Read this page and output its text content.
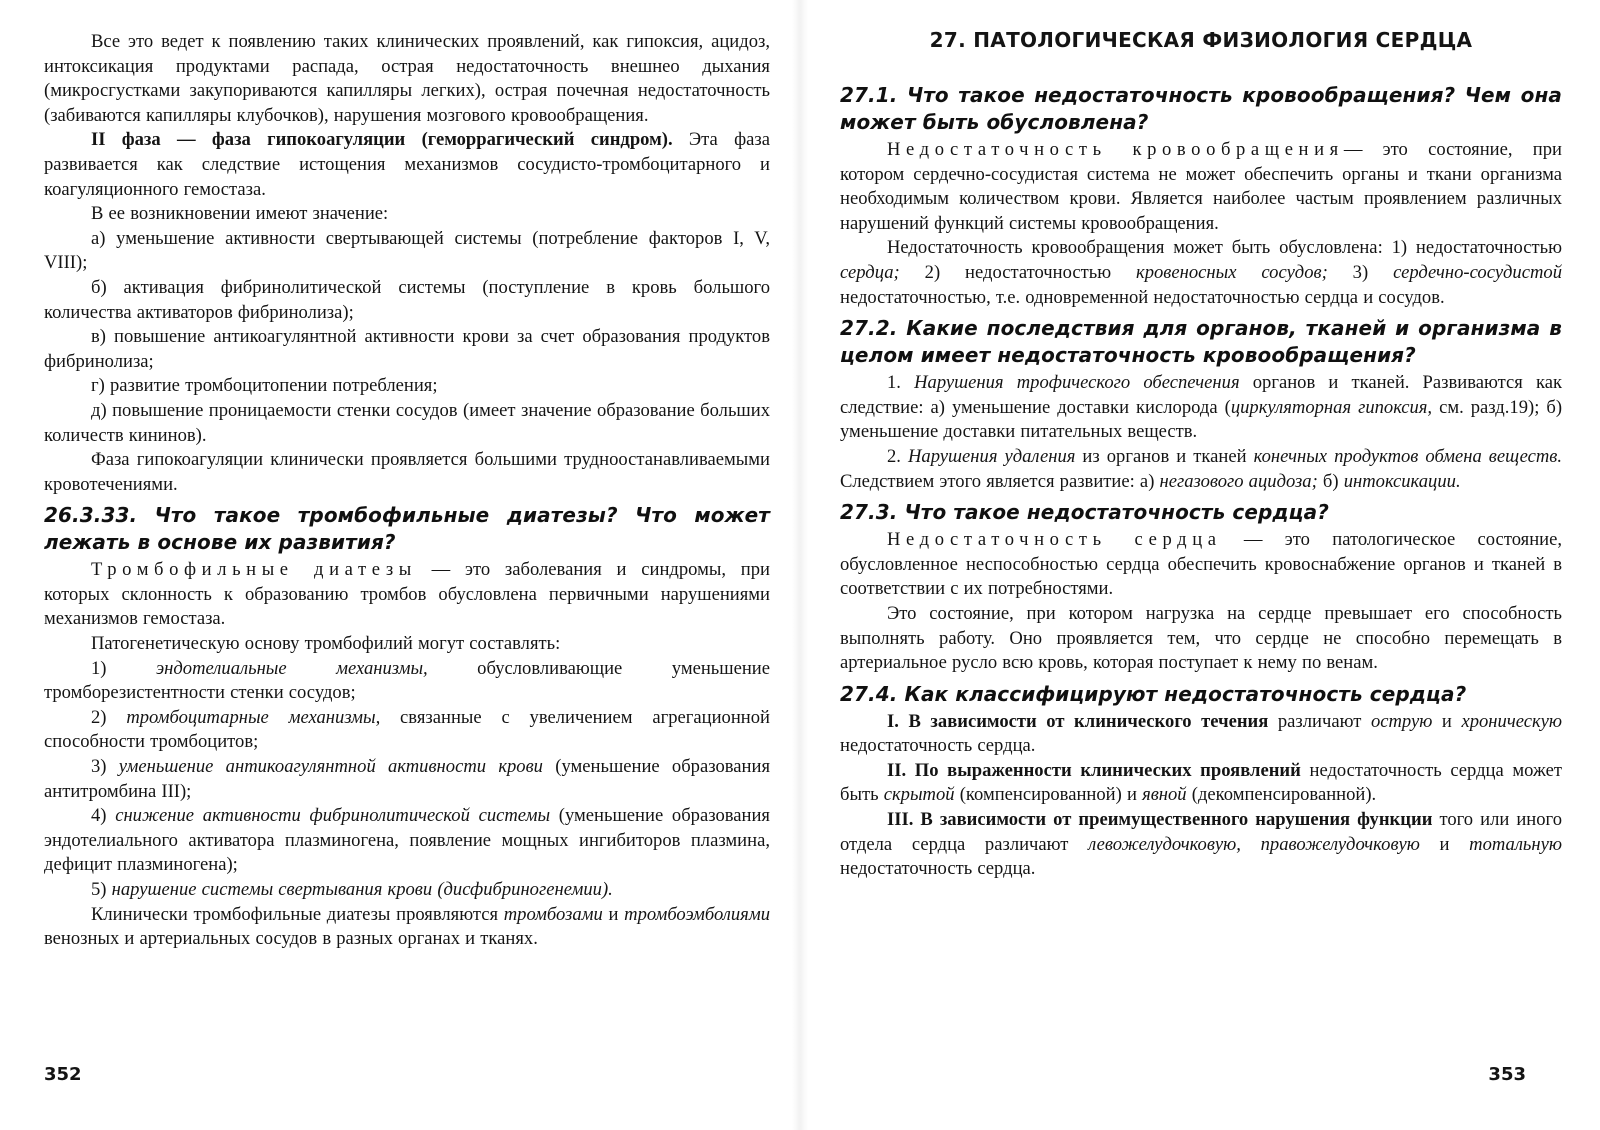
Все это ведет к появлению таких клинических проявлений, как гипоксия, ацидоз, интоксикация продуктами распада, острая недостаточность внешнео дыхания (микросгустками закупориваются капилляры легких), острая почечная недостаточность (забиваются капилляры клубочков), нарушения мозгового кровообращения.

II фаза — фаза гипокоагуляции (геморрагический синдром). Эта фаза развивается как следствие истощения механизмов сосудисто-тромбоцитарного и коагуляционного гемостаза.

В ее возникновении имеют значение:

а) уменьшение активности свертывающей системы (потребление факторов I, V, VIII);

б) активация фибринолитической системы (поступление в кровь большого количества активаторов фибринолиза);

в) повышение антикоагулянтной активности крови за счет образования продуктов фибринолиза;

г) развитие тромбоцитопении потребления;

д) повышение проницаемости стенки сосудов (имеет значение образование больших количеств кининов).

Фаза гипокоагуляции клинически проявляется большими трудноостанавливаемыми кровотечениями.

26.3.33. Что такое тромбофильные диатезы? Что может лежать в основе их развития?

Тромбофильные диатезы — это заболевания и синдромы, при которых склонность к образованию тромбов обусловлена первичными нарушениями механизмов гемостаза.

Патогенетическую основу тромбофилий могут составлять:

1) эндотелиальные механизмы, обусловливающие уменьшение тромборезистентности стенки сосудов;

2) тромбоцитарные механизмы, связанные с увеличением агрегационной способности тромбоцитов;

3) уменьшение антикоагулянтной активности крови (уменьшение образования антитромбина III);

4) снижение активности фибринолитической системы (уменьшение образования эндотелиального активатора плазминогена, появление мощных ингибиторов плазмина, дефицит плазминогена);

5) нарушение системы свертывания крови (дисфибриногенемии).

Клинически тромбофильные диатезы проявляются тромбозами и тромбоэмболиями венозных и артериальных сосудов в разных органах и тканях.

352
27. ПАТОЛОГИЧЕСКАЯ ФИЗИОЛОГИЯ СЕРДЦА
27.1. Что такое недостаточность кровообращения? Чем она может быть обусловлена?

Недостаточность кровообращения— это состояние, при котором сердечно-сосудистая система не может обеспечить органы и ткани организма необходимым количеством крови. Является наиболее частым проявлением различных нарушений функций системы кровообращения.

Недостаточность кровообращения может быть обусловлена: 1) недостаточностью сердца; 2) недостаточностью кровеносных сосудов; 3) сердечно-сосудистой недостаточностью, т.е. одновременной недостаточностью сердца и сосудов.

27.2. Какие последствия для органов, тканей и организма в целом имеет недостаточность кровообращения?

1. Нарушения трофического обеспечения органов и тканей. Развиваются как следствие: а) уменьшение доставки кислорода (циркуляторная гипоксия, см. разд.19); б) уменьшение доставки питательных веществ.

2. Нарушения удаления из органов и тканей конечных продуктов обмена веществ. Следствием этого является развитие: а) негазового ацидоза; б) интоксикации.

27.3. Что такое недостаточность сердца?

Недостаточность сердца — это патологическое состояние, обусловленное неспособностью сердца обеспечить кровоснабжение органов и тканей в соответствии с их потребностями.

Это состояние, при котором нагрузка на сердце превышает его способность выполнять работу. Оно проявляется тем, что сердце не способно перемещать в артериальное русло всю кровь, которая поступает к нему по венам.

27.4. Как классифицируют недостаточность сердца?

I. В зависимости от клинического течения различают острую и хроническую недостаточность сердца.

II. По выраженности клинических проявлений недостаточность сердца может быть скрытой (компенсированной) и явной (декомпенсированной).

III. В зависимости от преимущественного нарушения функции того или иного отдела сердца различают левожелудочковую, правожелудочковую и тотальную недостаточность сердца.

353
